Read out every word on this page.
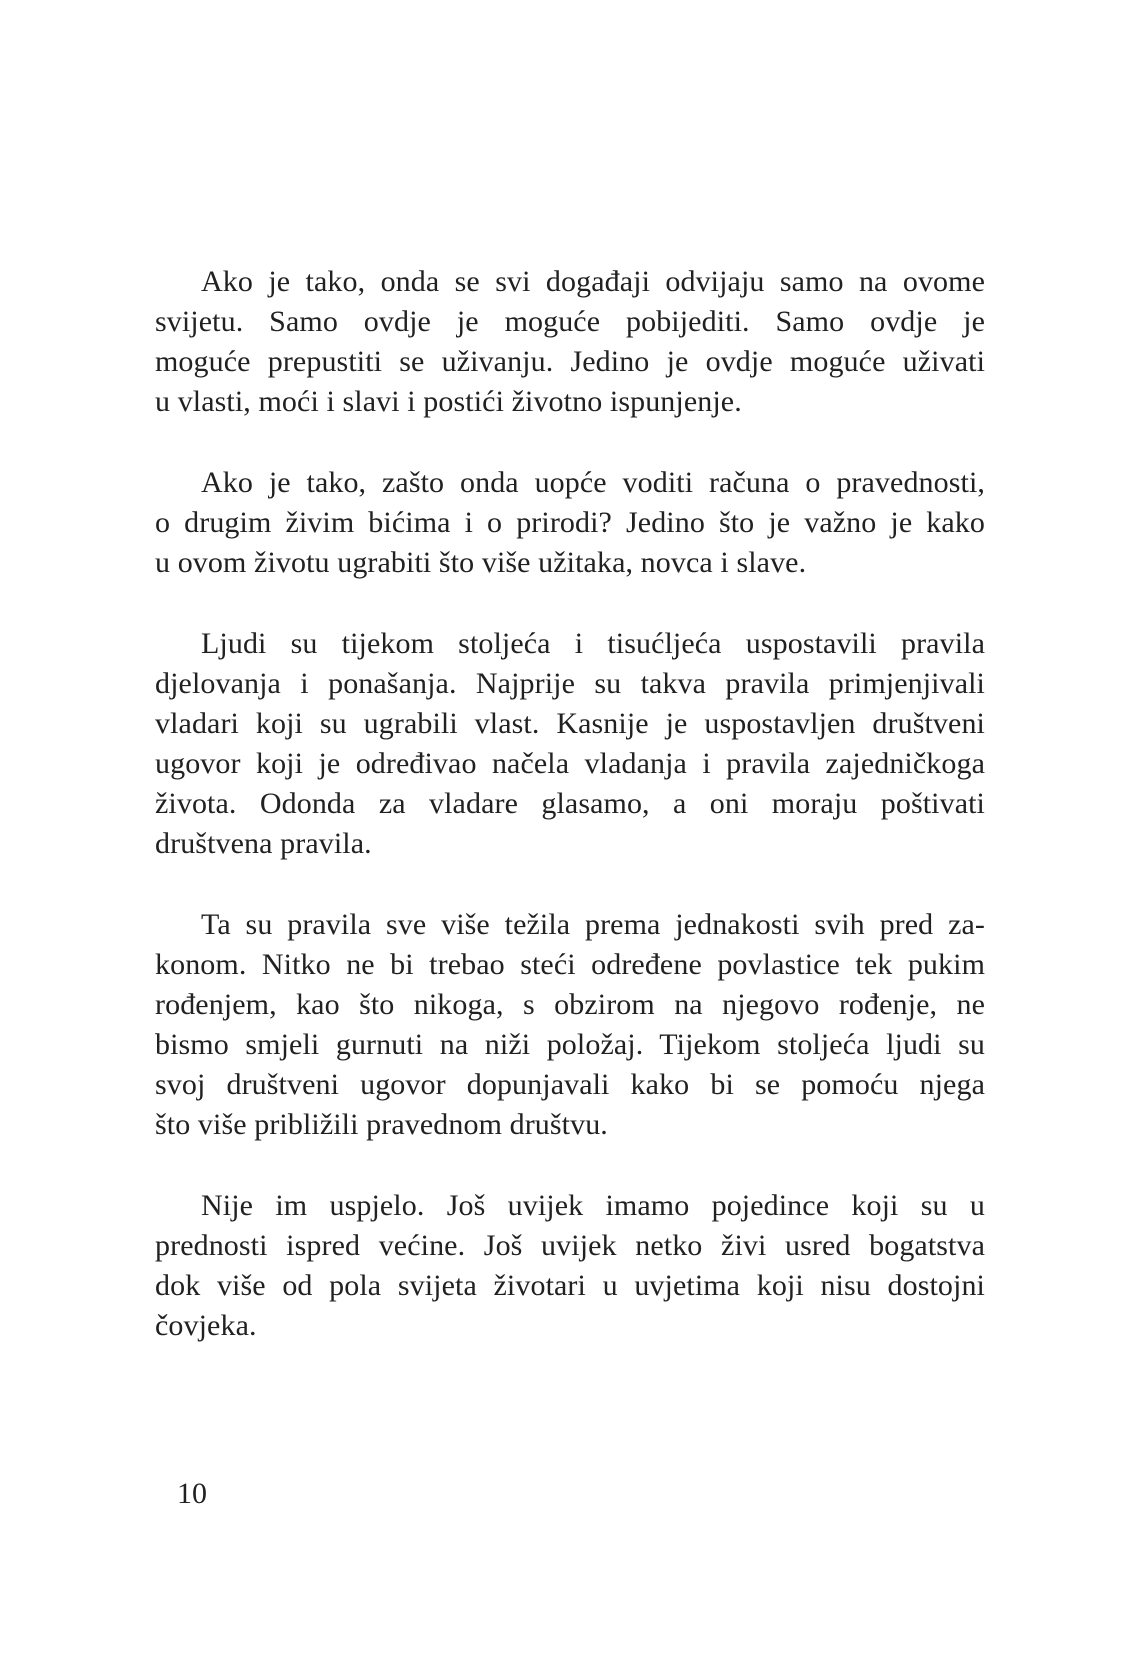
Ako je tako, onda se svi događaji odvijaju samo na ovome
svijetu. Samo ovdje je moguće pobijediti. Samo ovdje je
moguće prepustiti se uživanju. Jedino je ovdje moguće uživati
u vlasti, moći i slavi i postići životno ispunjenje.
Ako je tako, zašto onda uopće voditi računa o pravednosti,
o drugim živim bićima i o prirodi? Jedino što je važno je kako
u ovom životu ugrabiti što više užitaka, novca i slave.
Ljudi su tijekom stoljeća i tisućljeća uspostavili pravila
djelovanja i ponašanja. Najprije su takva pravila primjenjivali
vladari koji su ugrabili vlast. Kasnije je uspostavljen društveni
ugovor koji je određivao načela vladanja i pravila zajedničkoga
života. Odonda za vladare glasamo, a oni moraju poštivati
društvena pravila.
Ta su pravila sve više težila prema jednakosti svih pred za-
konom. Nitko ne bi trebao steći određene povlastice tek pukim
rođenjem, kao što nikoga, s obzirom na njegovo rođenje, ne
bismo smjeli gurnuti na niži položaj. Tijekom stoljeća ljudi su
svoj društveni ugovor dopunjavali kako bi se pomoću njega
što više približili pravednom društvu.
Nije im uspjelo. Još uvijek imamo pojedince koji su u
prednosti ispred većine. Još uvijek netko živi usred bogatstva
dok više od pola svijeta životari u uvjetima koji nisu dostojni
čovjeka.
10
